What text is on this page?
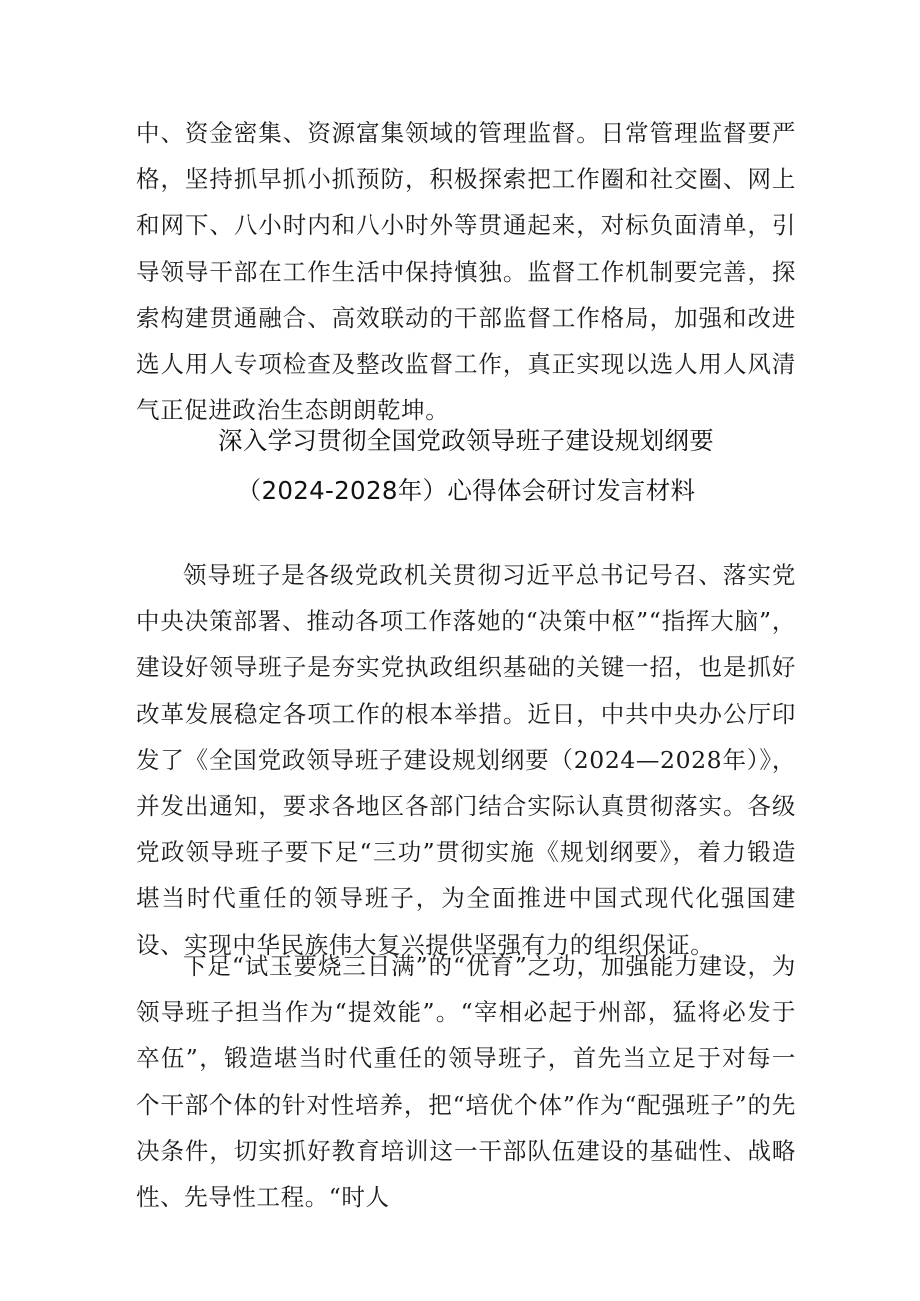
中、资金密集、资源富集领域的管理监督。日常管理监督要严格，坚持抓早抓小抓预防，积极探索把工作圈和社交圈、网上和网下、八小时内和八小时外等贯通起来，对标负面清单，引导领导干部在工作生活中保持慎独。监督工作机制要完善，探索构建贯通融合、高效联动的干部监督工作格局，加强和改进选人用人专项检查及整改监督工作，真正实现以选人用人风清气正促进政治生态朗朗乾坤。

深入学习贯彻全国党政领导班子建设规划纲要
（2024-2028年）心得体会研讨发言材料

领导班子是各级党政机关贯彻习近平总书记号召、落实党中央决策部署、推动各项工作落她的“决策中枢”“指挥大脑”，建设好领导班子是夯实党执政组织基础的关键一招，也是抓好改革发展稳定各项工作的根本举措。近日，中共中央办公厅印发了《全国党政领导班子建设规划纲要（2024—2028年）》，并发出通知，要求各地区各部门结合实际认真贯彻落实。各级党政领导班子要下足“三功”贯彻实施《规划纲要》，着力锻造堪当时代重任的领导班子，为全面推进中国式现代化强国建设、实现中华民族伟大复兴提供坚强有力的组织保证。

下足“试玉要烧三日满”的“优育”之功，加强能力建设，为领导班子担当作为“提效能”。“宰相必起于州部，猛将必发于卒伍”，锻造堪当时代重任的领导班子，首先当立足于对每一个干部个体的针对性培养，把“培优个体”作为“配强班子”的先决条件，切实抓好教育培训这一干部队伍建设的基础性、战略性、先导性工程。“时人
